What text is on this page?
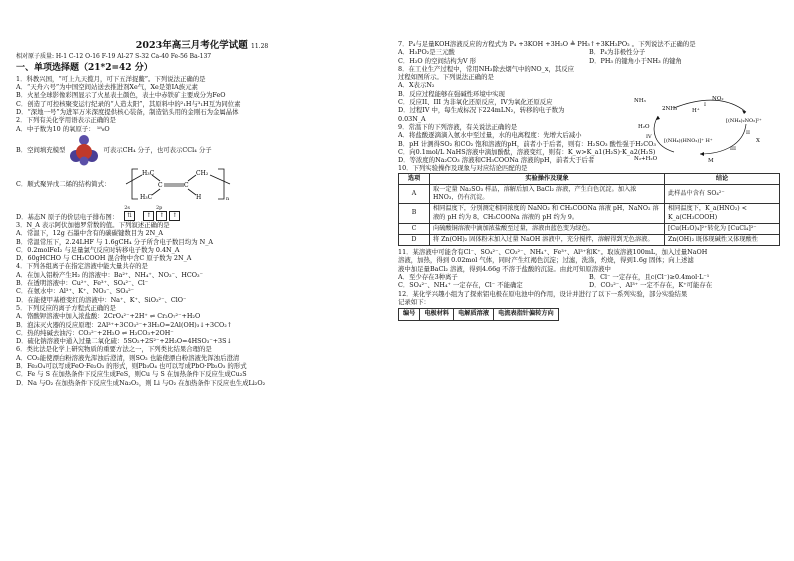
2023年高三月考化学试题 11.28
相对原子质量: H-1 C-12 O-16 F-19 Al-27 S-32 Ca-40 Fe-56 Ba-137
一、单项选择题（21*2=42 分）
1．科教兴国，“可上九天揽月，可下五洋捉鳖”。下列说法正确的是
A．“天舟六号”为中国空间站送去推进剂Xe气，Xe是第IA族元素
B．火星全球影像彩图显示了火星表土颜色，表土中赤铁矿主要成分为FeO
C．创造了可控核聚变运行纪录的“人造太阳”，其原料中的²₁H与³₁H互为同位素
D．“深地一号”为进军万米深度提供核心装备，制造钻头用的金刚石为金属晶体
2．下列有关化学用语表示正确的是
A．中子数为10 的氧原子： ¹⁸₈O
B．空间填充模型	可表示CH₄ 分子，也可表示CCl₄ 分子
C．顺式聚异戊二烯的结构简式：
H₃C	CH₂
H₃C
C	C
H	n
D．基态N 原子的价层电子排布图：
2s	2p
⇅	↑	↑	↑
3．N_A 表示阿伏加德罗常数的值。下列叙述正确的是
A．常温下，12g 石墨中含有的碳碳键数目为 2N_A
B．常温常压下，2.24LHF 与 1.6gCH₄ 分子所含电子数目均为 N_A
C．0.2molFeI₂ 与足量氯气反应时转移电子数为 0.4N_A
D．60gHCHO 与 CH₃COOH 混合物中含C 原子数为 2N_A
4．下列各组离子在指定溶液中能大量共存的是
A．在加入铝粉产生H₂ 的溶液中：Ba²⁺、NH₄⁺、NO₃⁻、HCO₃⁻
B．在透明溶液中：Cu²⁺、Fe³⁺、SO₄²⁻、Cl⁻
C．在氨水中：Al³⁺、K⁺、NO₃⁻、SO₄²⁻
D．在能使甲基橙变红的溶液中：Na⁺、K⁺、SiO₃²⁻、ClO⁻
5．下列反应的离子方程式正确的是
A．铬酸钾溶液中加入浓盐酸：2CrO₄²⁻+2H⁺ ⇌ Cr₂O₇²⁻+H₂O
B．泡沫灭火器的反应原理：2Al³⁺+3CO₃²⁻+3H₂O=2Al(OH)₃↓+3CO₂↑
C．热的纯碱去油污：CO₃²⁻+2H₂O ⇌ H₂CO₃+2OH⁻
D．硫化钠溶液中通入过量二氧化硫：5SO₂+2S²⁻+2H₂O=4HSO₃⁻+3S↓
6．类比法是化学上研究物质的重要方法之一，下列类比结果合理的是
A．CO₂能使漂白粉溶液先浑浊后澄清，则SO₂ 也能使漂白粉溶液先浑浊后澄清
B．Fe₃O₄可以写成FeO·Fe₂O₃ 的形式，则Pb₃O₄ 也可以写成PbO·Pb₂O₃ 的形式
C．Fe 与 S 在加热条件下反应生成FeS，则Cu 与 S 在加热条件下反应生成Cu₂S
D．Na 与O₂ 在加热条件下反应生成Na₂O₂，则 Li 与O₂ 在加热条件下反应也生成Li₂O₂
7．P₄与足量KOH溶液反应的方程式为 P₄ +3KOH +3H₂O ≜ PH₃↑+3KH₂PO₂ 。下列说法不正确的是
A．H₃PO₂是三元酸	B．P₄为非极性分子
C．H₂O 的空间结构为V 形	D．PH₃ 的键角小于NH₃ 的键角
8．在工业生产过程中，常用NH₃除去烟气中的NO_x，其反应
过程如图所示。下列说法正确的是
A．X表示N₂
B．反应过程能够在强碱性环境中实现
C．反应II、III 为非氧化还原反应，IV为氧化还原反应
D．过程IV 中，每生成标况下224mLN₂，转移的电子数为
0.03N_A
NH₃
2NH₃
NO₂
H⁺
[(NH₄)₂NO₂]²⁺
[(NH₄)(HNO₂)]⁺ H⁺	X
H₂O
N₂+H₂O	M
I
II
III
IV
9．常温下的下列溶液，有关说法正确的是
A．将盐酸逐滴滴入氨水中至过量，水的电离程度：先增大后减小
B．pH 计测得SO₂ 和CO₂ 饱和溶液的pH，前者小于后者，则有：H₂SO₃ 酸性强于H₂CO₃
C．向0.1mol/L NaHS溶液中滴加酚酞，溶液变红，则有：K_w>K_a1(H₂S)·K_a2(H₂S)
D．等浓度的Na₂CO₃ 溶液和CH₃COONa 溶液的pH，前者大于后者
10．下列实验操作及现象与对应结论匹配的是
选项	实验操作及现象	结论
A	取一定量 Na₂SO₃ 样品，溶解后加入 BaCl₂ 溶液，产生白色沉淀。加入浓 HNO₃，仍有沉淀。	此样品中含有 SO₄²⁻
B	相同温度下，分别测定相同浓度的 NaNO₂ 和 CH₃COONa 溶液 pH，NaNO₂ 溶液的 pH 约为 8，CH₃COONa 溶液的 pH 约为 9。	相同温度下，K_a(HNO₂) < K_a(CH₃COOH)
C	向硫酸铜溶液中滴加浓盐酸至过量，溶液由蓝色变为绿色。	[Cu(H₂O)₄]²⁺转化为 [CuCl₄]²⁻
D	将 Zn(OH)₂ 固体粉末加入过量 NaOH 溶液中，充分搅拌，溶解得到无色溶液。	Zn(OH)₂ 既体现碱性又体现酸性
11．某溶液中可能含有Cl⁻、SO₄²⁻、CO₃²⁻、NH₄⁺、Fe³⁺、Al³⁺和K⁺。取该溶液100mL，加入过量NaOH
溶液，加热，得到 0.02mol 气体，同时产生红褐色沉淀；过滤，洗涤，灼烧，得到1.6g 固体；向上述滤
液中加足量BaCl₂ 溶液，得到4.66g 不溶于盐酸的沉淀。由此可知原溶液中
A．至少存在3种离子	B．Cl⁻ 一定存在，且c(Cl⁻)≥0.4mol·L⁻¹
C．SO₄²⁻、NH₄⁺ 一定存在，Cl⁻ 不能确定	D．CO₃²⁻、Al³⁺ 一定不存在，K⁺可能存在
12．某化学兴趣小组为了探索铝电极在原电池中的作用，设计并进行了以下一系列实验，部分实验结果
记录如下：
编号	电极材料	电解质溶液	电流表指针偏转方向
